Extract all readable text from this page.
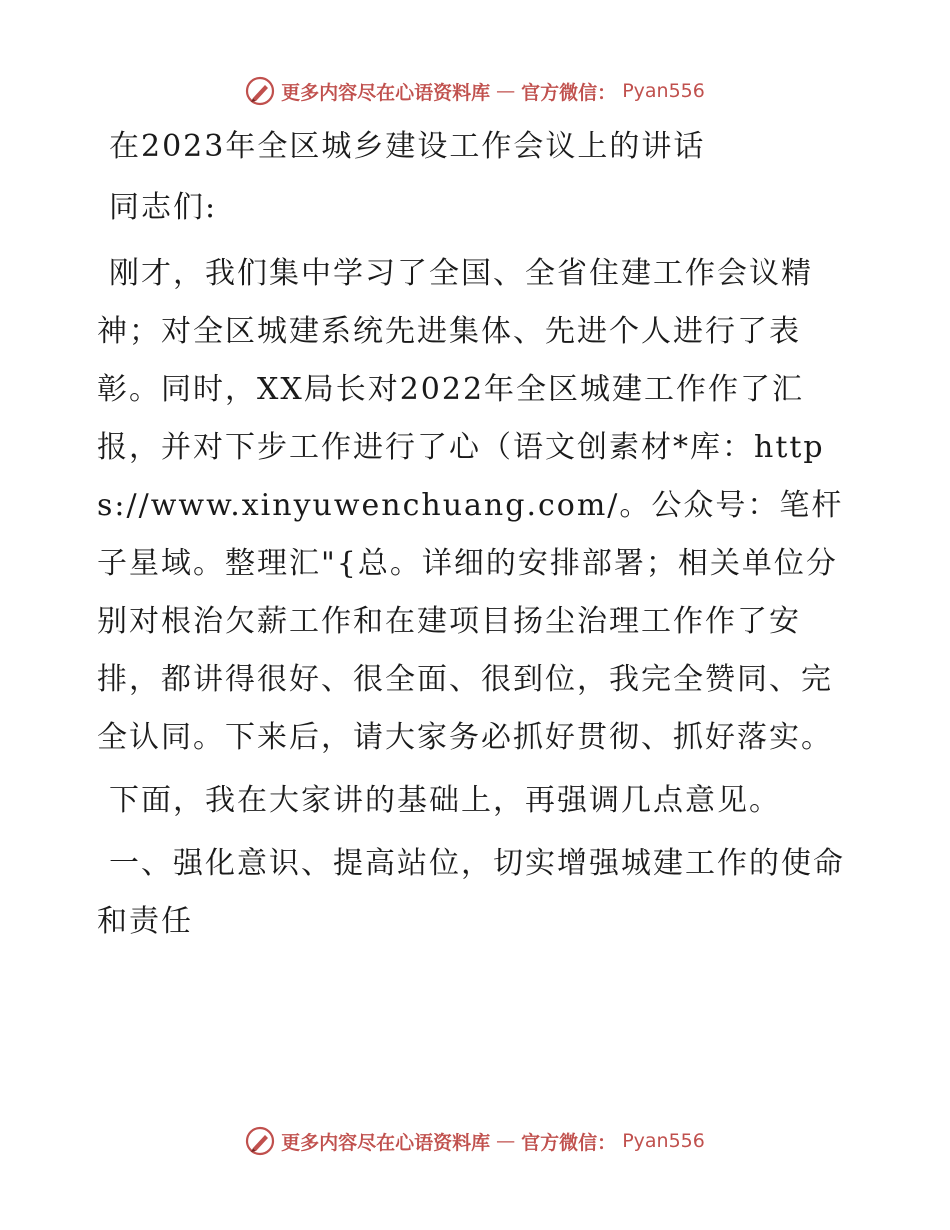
更多内容尽在心语资料库 — 官方微信： Pyan556

在2023年全区城乡建设工作会议上的讲话

同志们:

刚才，我们集中学习了全国、全省住建工作会议精神；对全区城建系统先进集体、先进个人进行了表彰。同时，XX局长对2022年全区城建工作作了汇报，并对下步工作进行了心（语文创素材*库：https://www.xinyuwenchuang.com/。公众号：笔杆子星域。整理汇"{总。详细的安排部署；相关单位分别对根治欠薪工作和在建项目扬尘治理工作作了安排，都讲得很好、很全面、很到位，我完全赞同、完全认同。下来后，请大家务必抓好贯彻、抓好落实。

下面，我在大家讲的基础上，再强调几点意见。

一、强化意识、提高站位，切实增强城建工作的使命和责任

更多内容尽在心语资料库 — 官方微信： Pyan556
